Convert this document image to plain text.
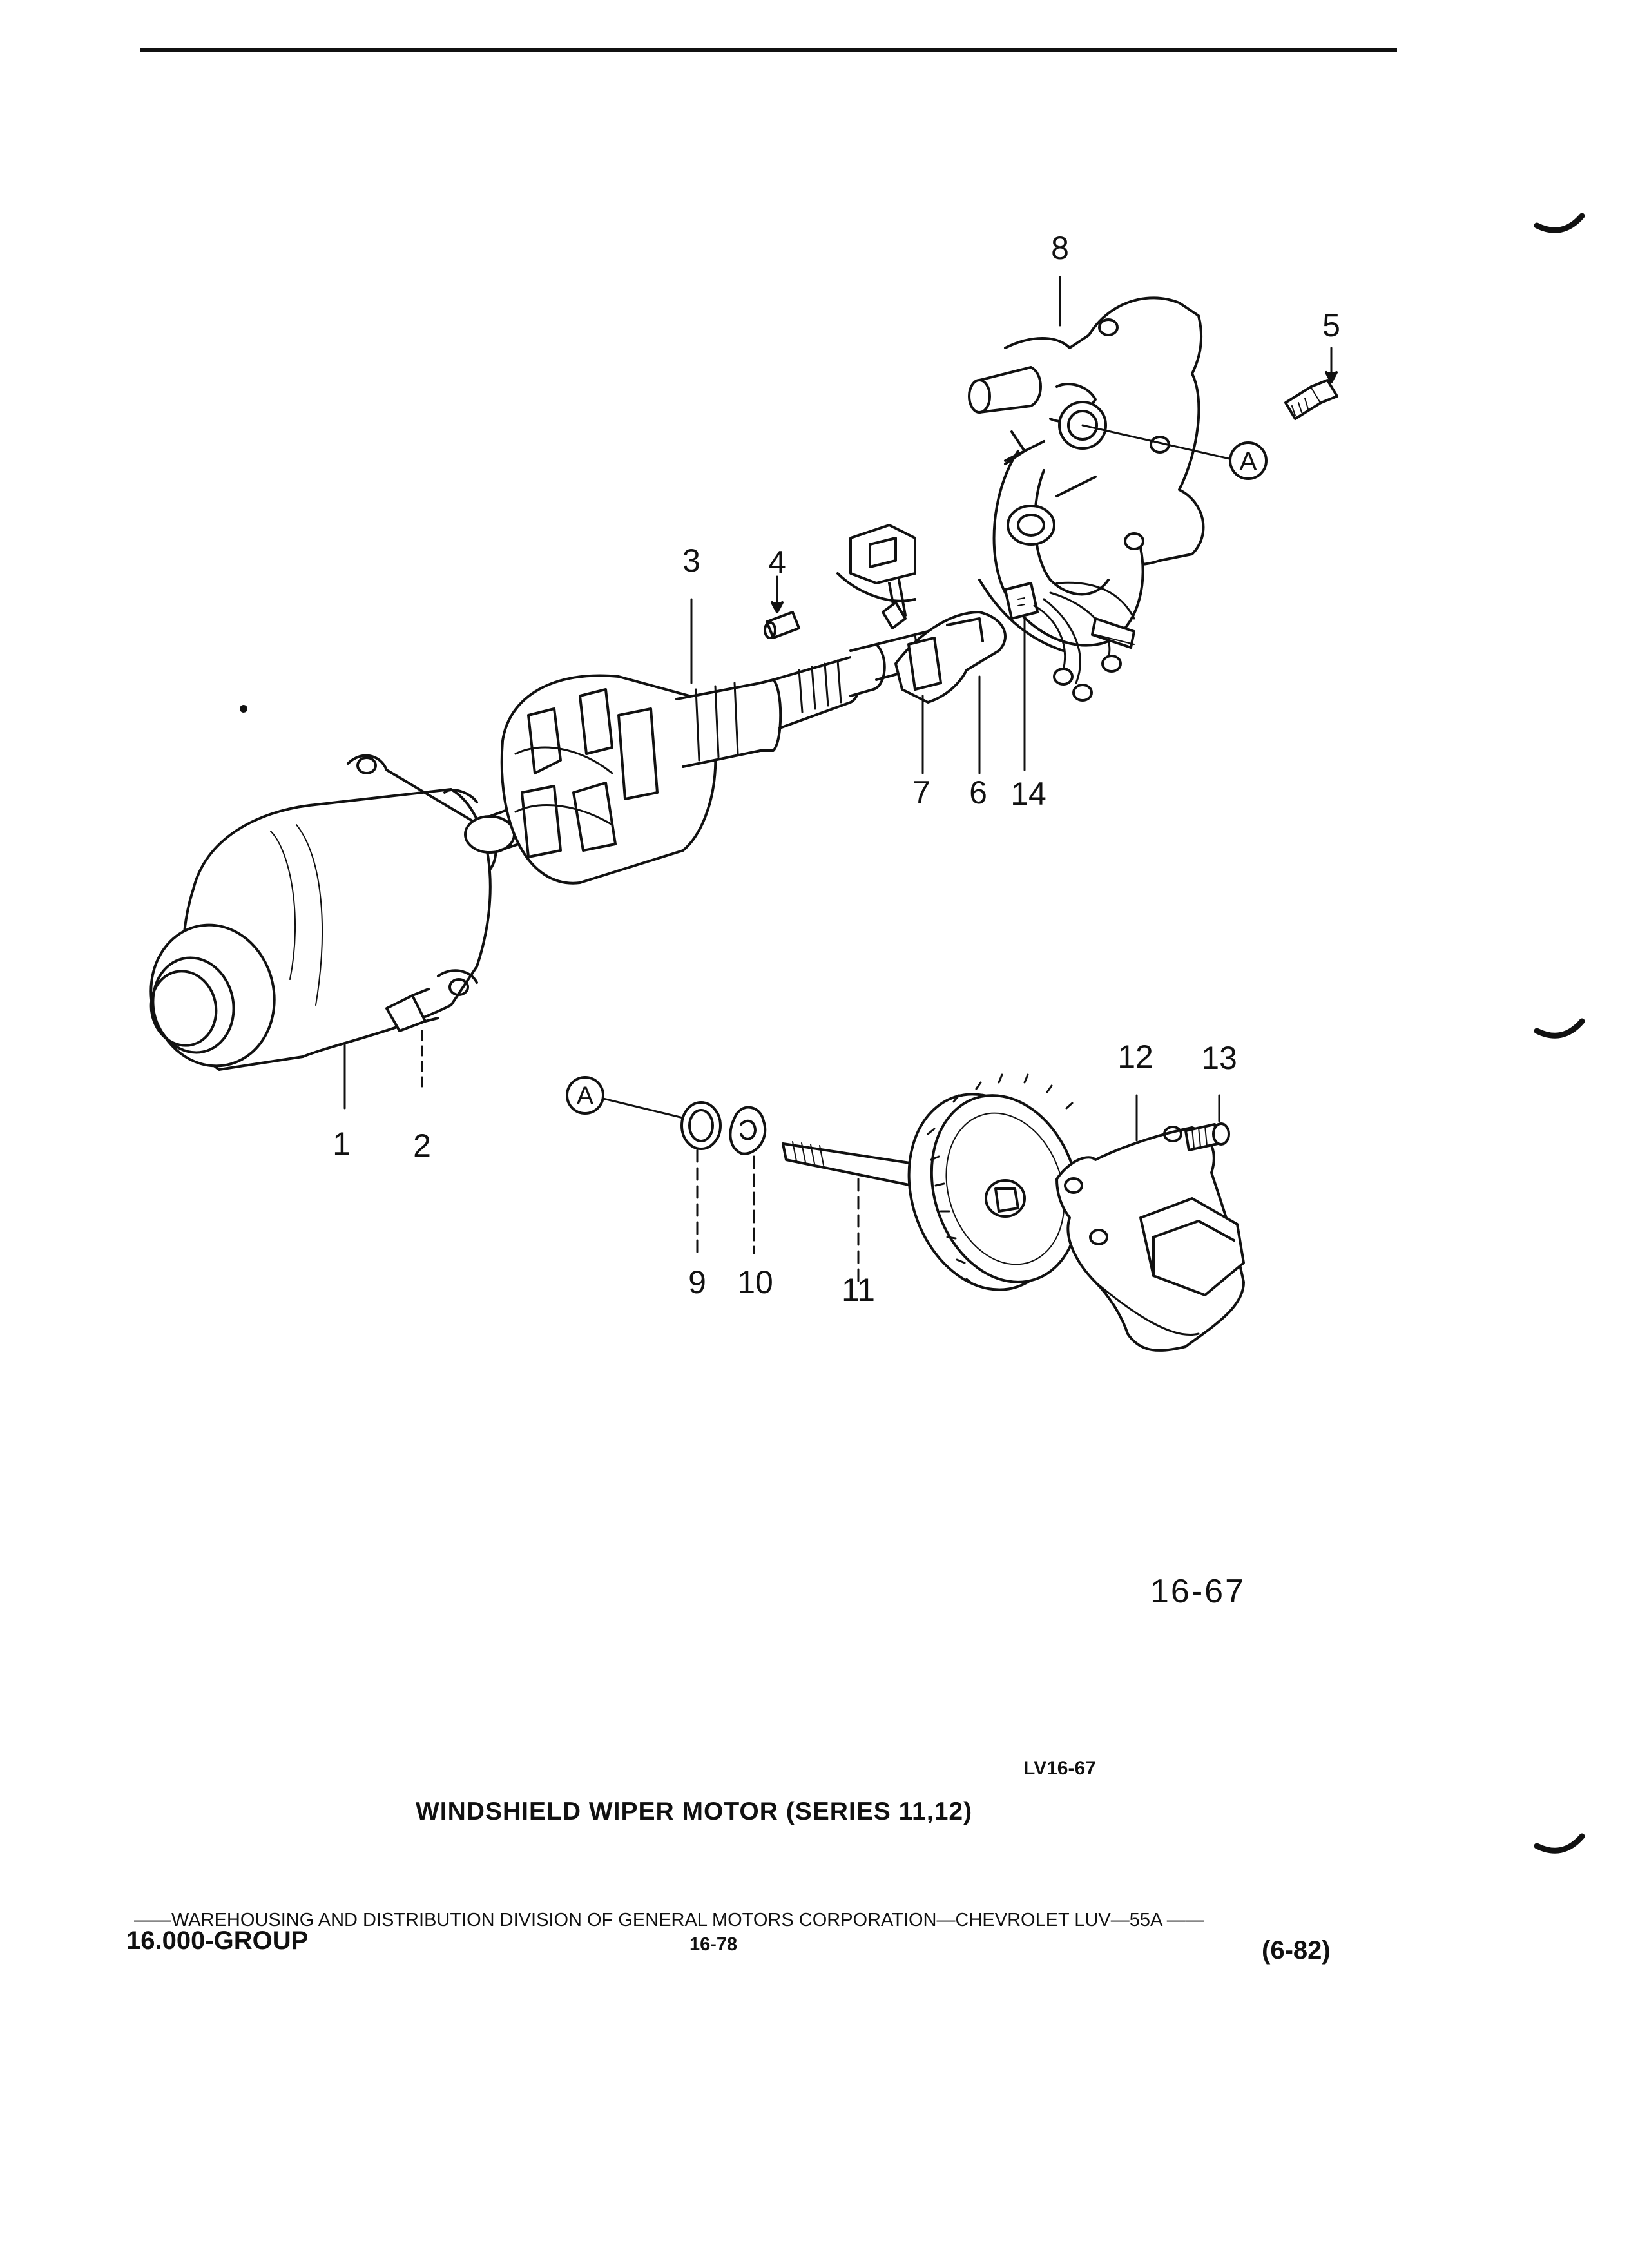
1 2
3 4
5
6
7
8
9 10 11
12 13
14
A
A
16-67
LV16-67
WINDSHIELD WIPER MOTOR (SERIES 11,12)
——WAREHOUSING AND DISTRIBUTION DIVISION OF GENERAL MOTORS CORPORATION—CHEVROLET LUV—55A ——
16.000-GROUP	16-78	(6-82)
